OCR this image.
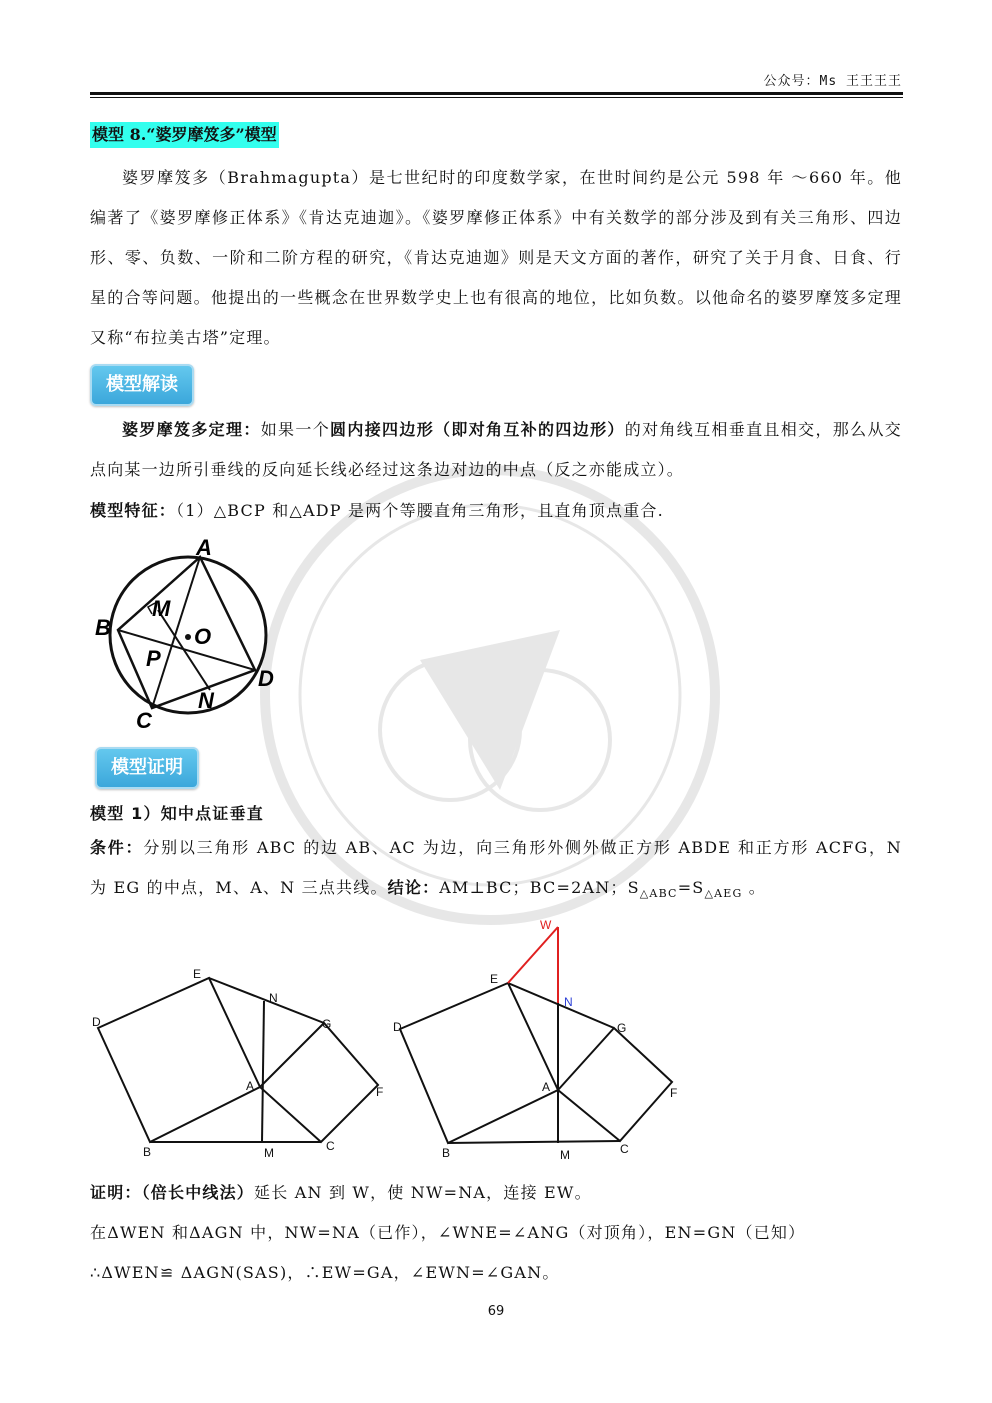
公众号：Ms 王王王王
模型 8.“婆罗摩笈多”模型

婆罗摩笈多（Brahmagupta）是七世纪时的印度数学家，在世时间约是公元 598 年 ～660 年。他编著了《婆罗摩修正体系》《肯达克迪迦》。《婆罗摩修正体系》中有关数学的部分涉及到有关三角形、四边形、零、负数、一阶和二阶方程的研究，《肯达克迪迦》则是天文方面的著作，研究了关于月食、日食、行星的合等问题。他提出的一些概念在世界数学史上也有很高的地位，比如负数。以他命名的婆罗摩笈多定理又称“布拉美古塔”定理。

模型解读

婆罗摩笈多定理：如果一个圆内接四边形（即对角互补的四边形）的对角线互相垂直且相交，那么从交点向某一边所引垂线的反向延长线必经过这条边对边的中点（反之亦能成立）。

模型特征：（1）△BCP 和△ADP 是两个等腰直角三角形，且直角顶点重合.
A
B
C
D
M
N
P
O
模型证明
模型 1）知中点证垂直

条件：分别以三角形 ABC 的边 AB、AC 为边，向三角形外侧外做正方形 ABDE 和正方形 ACFG，N 为 EG 的中点，M、A、N 三点共线。结论：AM⊥BC；BC=2AN；$S_{\triangle ABC}=S_{\triangle AEG}$ 。

A
B	C
D
E
F
G
M
N
A
B	C
D
E
F
G
M
N
W

证明：（倍长中线法）延长 AN 到 W，使 NW=NA，连接 EW。

在ΔWEN 和ΔAGN 中，NW=NA（已作），∠WNE=∠ANG（对顶角），EN=GN（已知）

∴ΔWEN≌ ΔAGN(SAS)，∴EW=GA，∠EWN=∠GAN。

69
